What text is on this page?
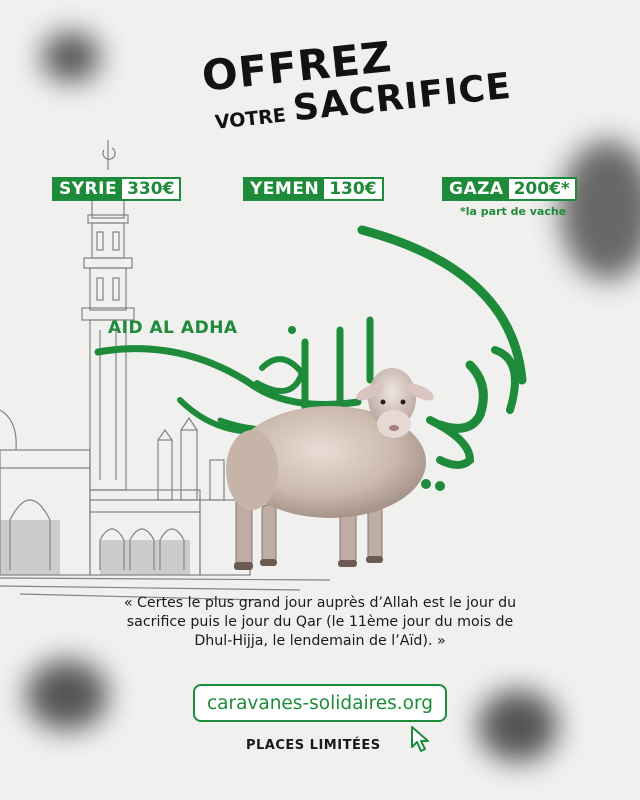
OFFREZ
VOTRE SACRIFICE
SYRIE 330€	YEMEN 130€	GAZA 200€*
*la part de vache
AID AL ADHA
« Certes le plus grand jour auprès d’Allah est le jour du sacrifice puis le jour du Qar (le 11ème jour du mois de Dhul-Hijja, le lendemain de l’Aïd). »
caravanes-solidaires.org
PLACES LIMITÉES
